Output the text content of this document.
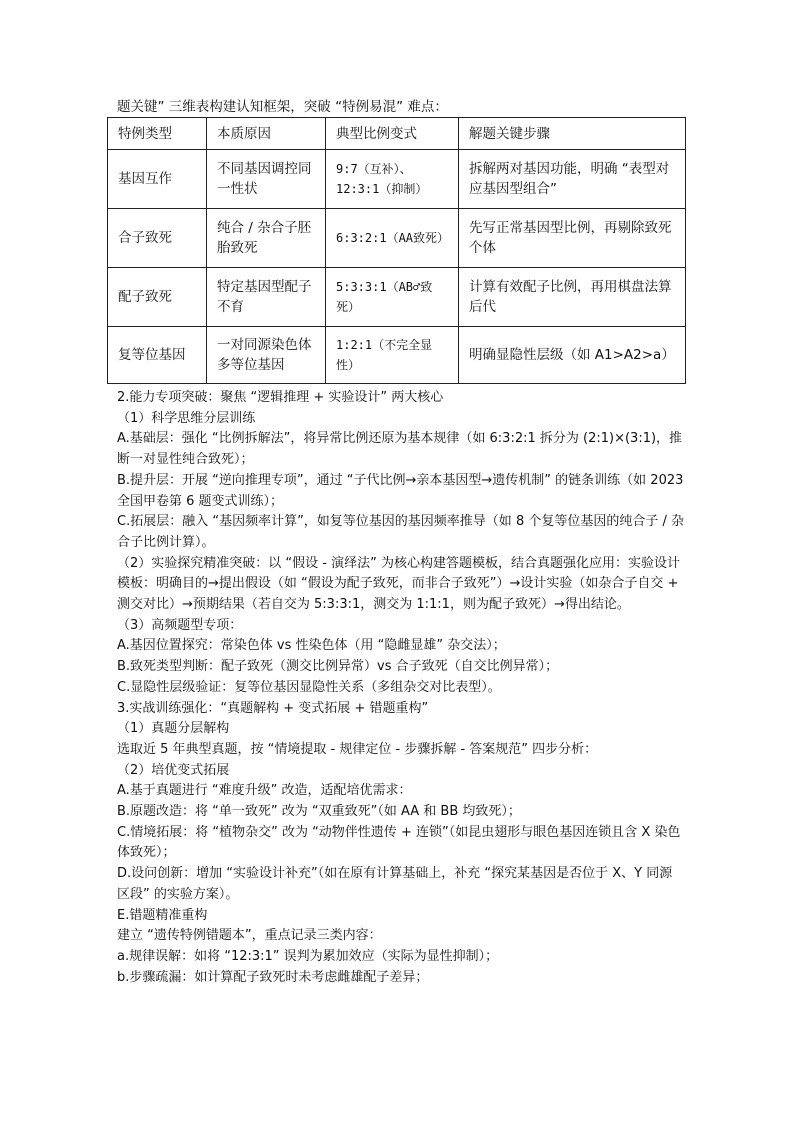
题关键” 三维表构建认知框架，突破 “特例易混” 难点：
特例类型	本质原因	典型比例变式	解题关键步骤
基因互作	不同基因调控同一性状	9:7（互补）、12:3:1（抑制）	拆解两对基因功能，明确 “表型对应基因型组合”
合子致死	纯合 / 杂合子胚胎致死	6:3:2:1（AA致死）	先写正常基因型比例，再剔除致死个体
配子致死	特定基因型配子不育	5:3:3:1（AB♂致死）	计算有效配子比例，再用棋盘法算后代
复等位基因	一对同源染色体多等位基因	1:2:1（不完全显性）	明确显隐性层级（如 A1>A2>a）

2.能力专项突破：聚焦 “逻辑推理 + 实验设计” 两大核心

（1）科学思维分层训练

A.基础层：强化 “比例拆解法”，将异常比例还原为基本规律（如 6:3:2:1 拆分为 (2:1)×(3:1)，推断一对显性纯合致死）；

B.提升层：开展 “逆向推理专项”，通过 “子代比例→亲本基因型→遗传机制” 的链条训练（如 2023 全国甲卷第 6 题变式训练）；

C.拓展层：融入 “基因频率计算”，如复等位基因的基因频率推导（如 8 个复等位基因的纯合子 / 杂合子比例计算）。

（2）实验探究精准突破：以 “假设 - 演绎法” 为核心构建答题模板，结合真题强化应用：实验设计模板：明确目的→提出假设（如 “假设为配子致死，而非合子致死”）→设计实验（如杂合子自交 + 测交对比）→预期结果（若自交为 5:3:3:1，测交为 1:1:1，则为配子致死）→得出结论。

（3）高频题型专项：

A.基因位置探究：常染色体 vs 性染色体（用 “隐雌显雄” 杂交法）；

B.致死类型判断：配子致死（测交比例异常）vs 合子致死（自交比例异常）；

C.显隐性层级验证：复等位基因显隐性关系（多组杂交对比表型）。

3.实战训练强化：“真题解构 + 变式拓展 + 错题重构”

（1）真题分层解构

选取近 5 年典型真题，按 “情境提取 - 规律定位 - 步骤拆解 - 答案规范” 四步分析：

（2）培优变式拓展

A.基于真题进行 “难度升级” 改造，适配培优需求：

B.原题改造：将 “单一致死” 改为 “双重致死”（如 AA 和 BB 均致死）；

C.情境拓展：将 “植物杂交” 改为 “动物伴性遗传 + 连锁”（如昆虫翅形与眼色基因连锁且含 X 染色体致死）；

D.设问创新：增加 “实验设计补充”（如在原有计算基础上，补充 “探究某基因是否位于 X、Y 同源区段” 的实验方案）。

E.错题精准重构

建立 “遗传特例错题本”，重点记录三类内容：

a.规律误解：如将 “12:3:1” 误判为累加效应（实际为显性抑制）；

b.步骤疏漏：如计算配子致死时未考虑雌雄配子差异；
